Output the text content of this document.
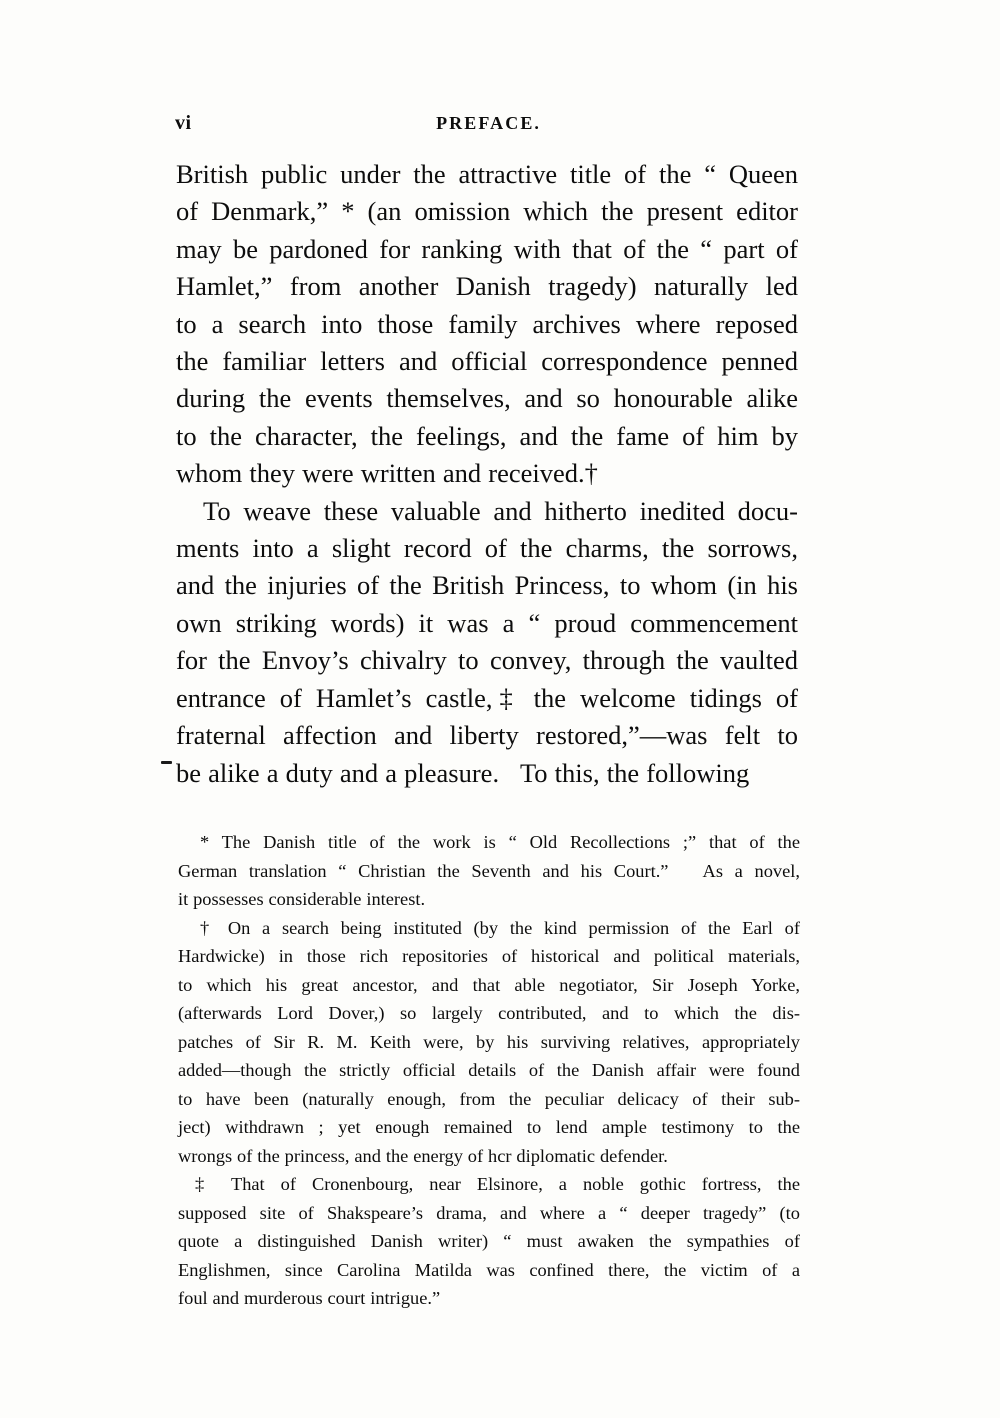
vi	PREFACE.

British public under the attractive title of the “ Queen
of Denmark,” * (an omission which the present editor
may be pardoned for ranking with that of the “ part of
Hamlet,” from another Danish tragedy) naturally led
to a search into those family archives where reposed
the familiar letters and official correspondence penned
during the events themselves, and so honourable alike
to the character, the feelings, and the fame of him by
whom they were written and received.†

To weave these valuable and hitherto inedited docu-
ments into a slight record of the charms, the sorrows,
and the injuries of the British Princess, to whom (in his
own striking words) it was a “ proud commencement
for the Envoy’s chivalry to convey, through the vaulted
entrance of Hamlet’s castle,‡ the welcome tidings of
fraternal affection and liberty restored,”—was felt to
be alike a duty and a pleasure.   To this, the following

* The Danish title of the work is “ Old Recollections ;” that of the
German translation “ Christian the Seventh and his Court.”   As a novel,
it possesses considerable interest.

† On a search being instituted (by the kind permission of the Earl of
Hardwicke) in those rich repositories of historical and political materials,
to which his great ancestor, and that able negotiator, Sir Joseph Yorke,
(afterwards Lord Dover,) so largely contributed, and to which the dis-
patches of Sir R. M. Keith were, by his surviving relatives, appropriately
added—though the strictly official details of the Danish affair were found
to have been (naturally enough, from the peculiar delicacy of their sub-
ject) withdrawn ; yet enough remained to lend ample testimony to the
wrongs of the princess, and the energy of hcr diplomatic defender.

‡ That of Cronenbourg, near Elsinore, a noble gothic fortress, the
supposed site of Shakspeare’s drama, and where a “ deeper tragedy” (to
quote a distinguished Danish writer) “ must awaken the sympathies of
Englishmen, since Carolina Matilda was confined there, the victim of a
foul and murderous court intrigue.”
